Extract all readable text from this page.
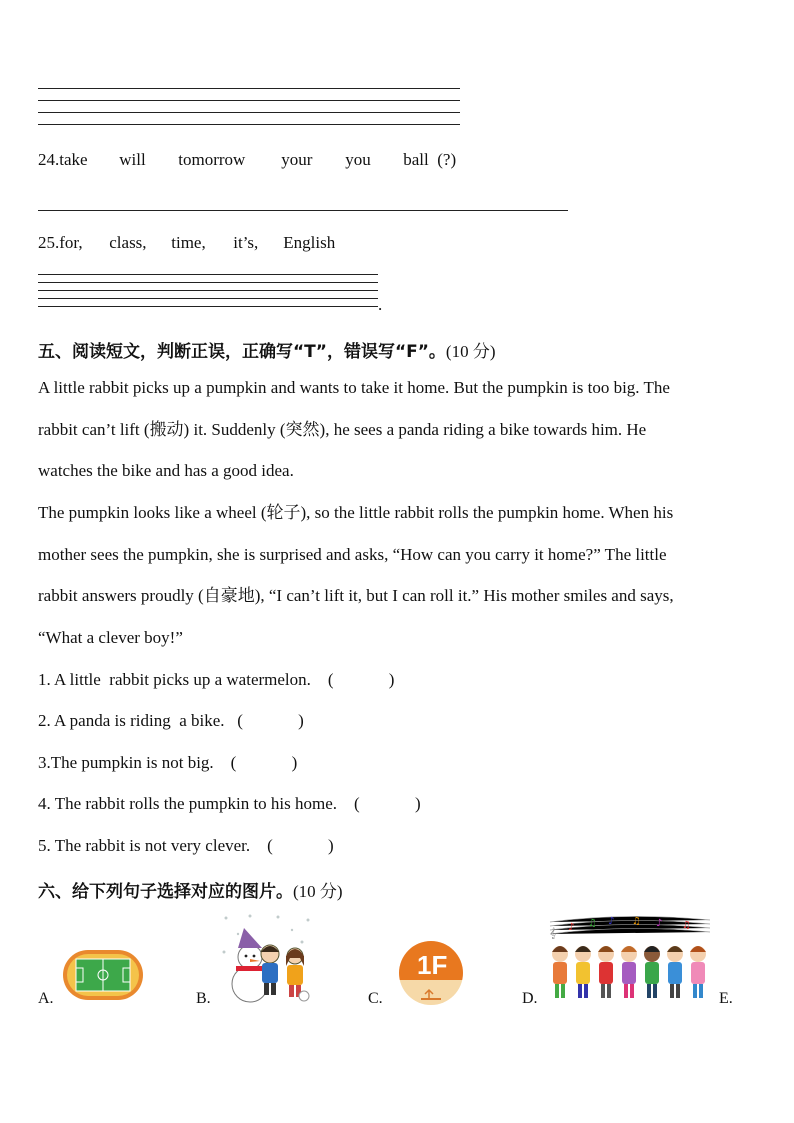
24.take will tomorrow your you ball (?)
25.for, class, time, it’s, English
.
五、阅读短文，判断正误，正确写“T”，错误写“F”。(10 分)
A little rabbit picks up a pumpkin and wants to take it home. But the pumpkin is too big. The
rabbit can’t lift (搬动) it. Suddenly (突然), he sees a panda riding a bike towards him. He
watches the bike and has a good idea.
The pumpkin looks like a wheel (轮子), so the little rabbit rolls the pumpkin home. When his
mother sees the pumpkin, she is surprised and asks, “How can you carry it home?” The little
rabbit answers proudly (自豪地), “I can’t lift it, but I can roll it.” His mother smiles and says,
“What a clever boy!”
1. A little  rabbit picks up a watermelon.    (             )
2. A panda is riding  a bike.   (             )
3.The pumpkin is not big.    (             )
4. The rabbit rolls the pumpkin to his home.    (             )
5. The rabbit is not very clever.    (             )
六、给下列句子选择对应的图片。(10 分)
A.	B.	C.	D.	E.
1F
𝄞
♪ ♫ ♪ ♫ ♪ ♫
